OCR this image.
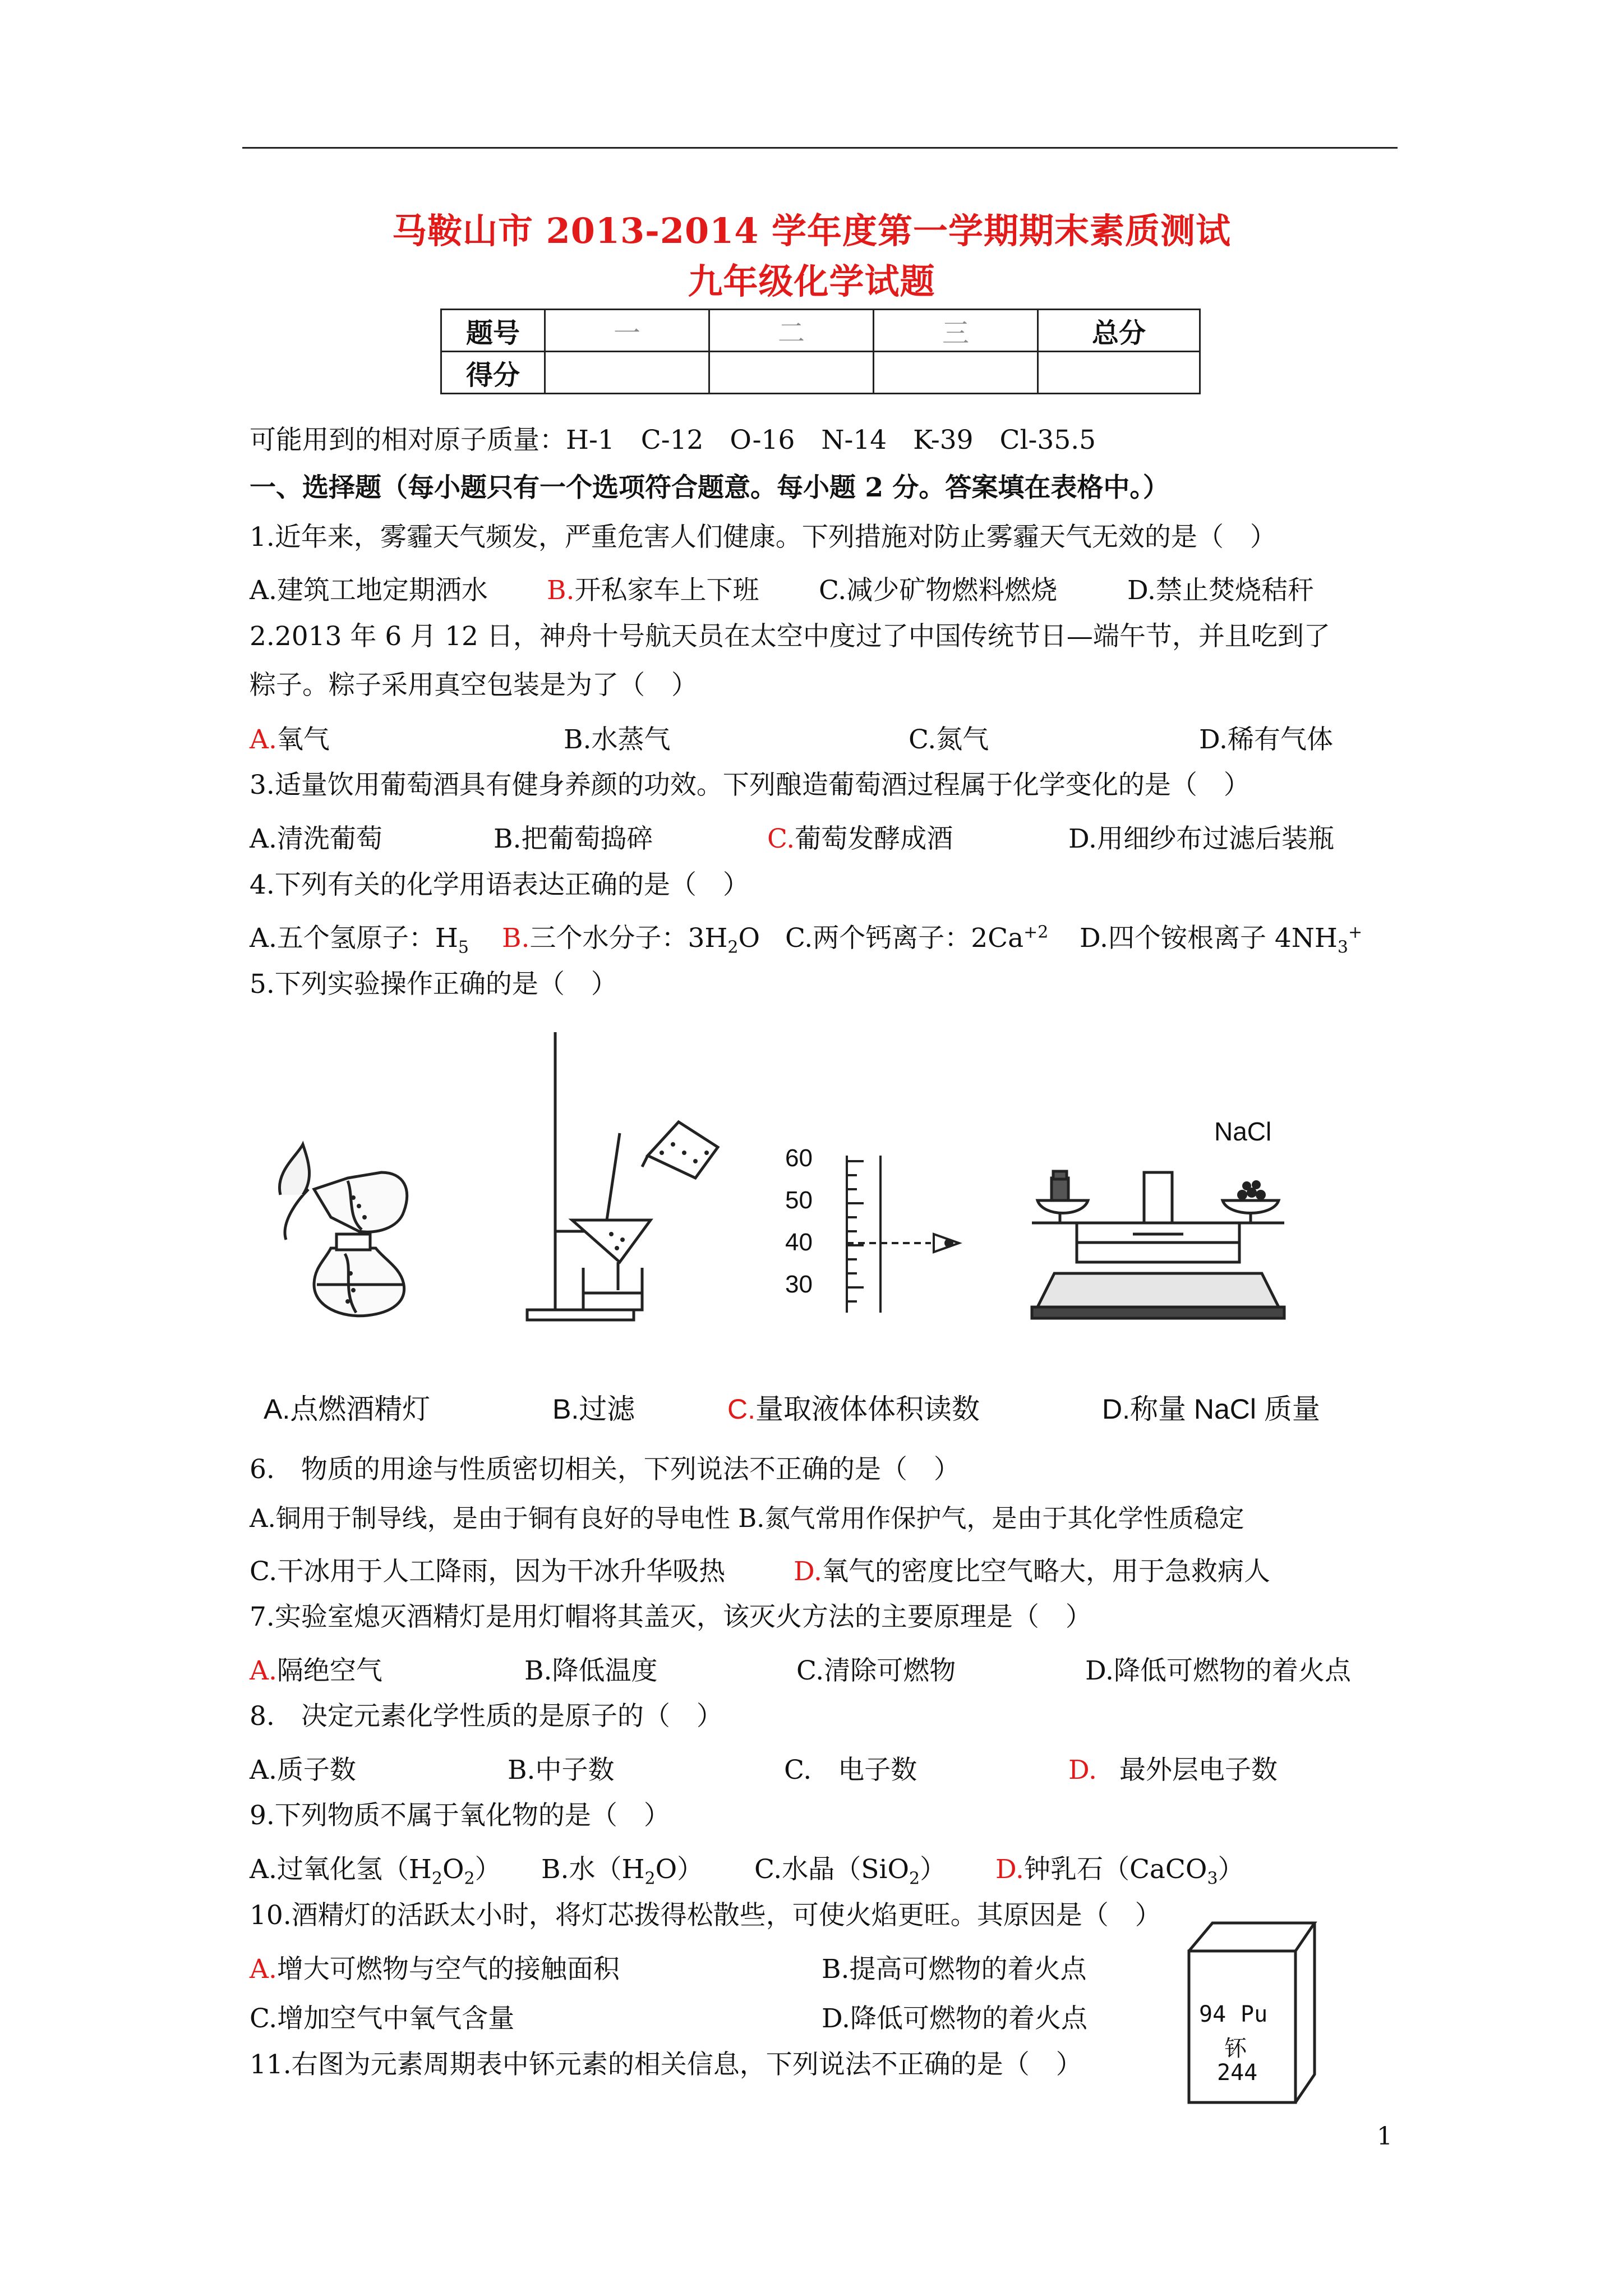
马鞍山市 2013-2014 学年度第一学期期末素质测试
九年级化学试题
题号	一	二	三	总分
得分				
可能用到的相对原子质量：H-1　C-12　O-16　N-14　K-39　Cl-35.5
一、选择题（每小题只有一个选项符合题意。每小题 2 分。答案填在表格中。）
1.近年来，雾霾天气频发，严重危害人们健康。下列措施对防止雾霾天气无效的是（　）
A.建筑工地定期洒水 B.开私家车上下班 C.减少矿物燃料燃烧	D.禁止焚烧秸秆
2.2013 年 6 月 12 日，神舟十号航天员在太空中度过了中国传统节日—端午节，并且吃到了
粽子。粽子采用真空包装是为了（　）
A.氧气	B.水蒸气	C.氮气	D.稀有气体
3.适量饮用葡萄酒具有健身养颜的功效。下列酿造葡萄酒过程属于化学变化的是（　）
A.清洗葡萄	B.把葡萄捣碎	C.葡萄发酵成酒	D.用细纱布过滤后装瓶
4.下列有关的化学用语表达正确的是（　）
A.五个氢原子：$H_5$ B.三个水分子：$3H_2O$ C.两个钙离子：$2Ca^{+2}$ D.四个铵根离子 $4NH_3^+$
5.下列实验操作正确的是（　）
60
50
40
30
NaCl
A.点燃酒精灯	B.过滤	C.量取液体体积读数	D.称量 NaCl 质量
6.　物质的用途与性质密切相关，下列说法不正确的是（　）
A.铜用于制导线，是由于铜有良好的导电性 B.氮气常用作保护气，是由于其化学性质稳定
C.干冰用于人工降雨，因为干冰升华吸热	D.氧气的密度比空气略大，用于急救病人
7.实验室熄灭酒精灯是用灯帽将其盖灭，该灭火方法的主要原理是（　）
A.隔绝空气	B.降低温度	C.清除可燃物	D.降低可燃物的着火点
8.　决定元素化学性质的是原子的（　）
A.质子数	B.中子数	C.　电子数	D. 最外层电子数
9.下列物质不属于氧化物的是（　）
A.过氧化氢$(H_2O_2)$ B.水$(H_2O)$ C.水晶（SiO$_2$） D.钟乳石（CaCO$_3$）
10.酒精灯的活跃太小时，将灯芯拨得松散些，可使火焰更旺。其原因是（　）
A.增大可燃物与空气的接触面积	B.提高可燃物的着火点
C.增加空气中氧气含量	D.降低可燃物的着火点
11.右图为元素周期表中钚元素的相关信息，下列说法不正确的是（　）
94 Pu
钚
244
1
